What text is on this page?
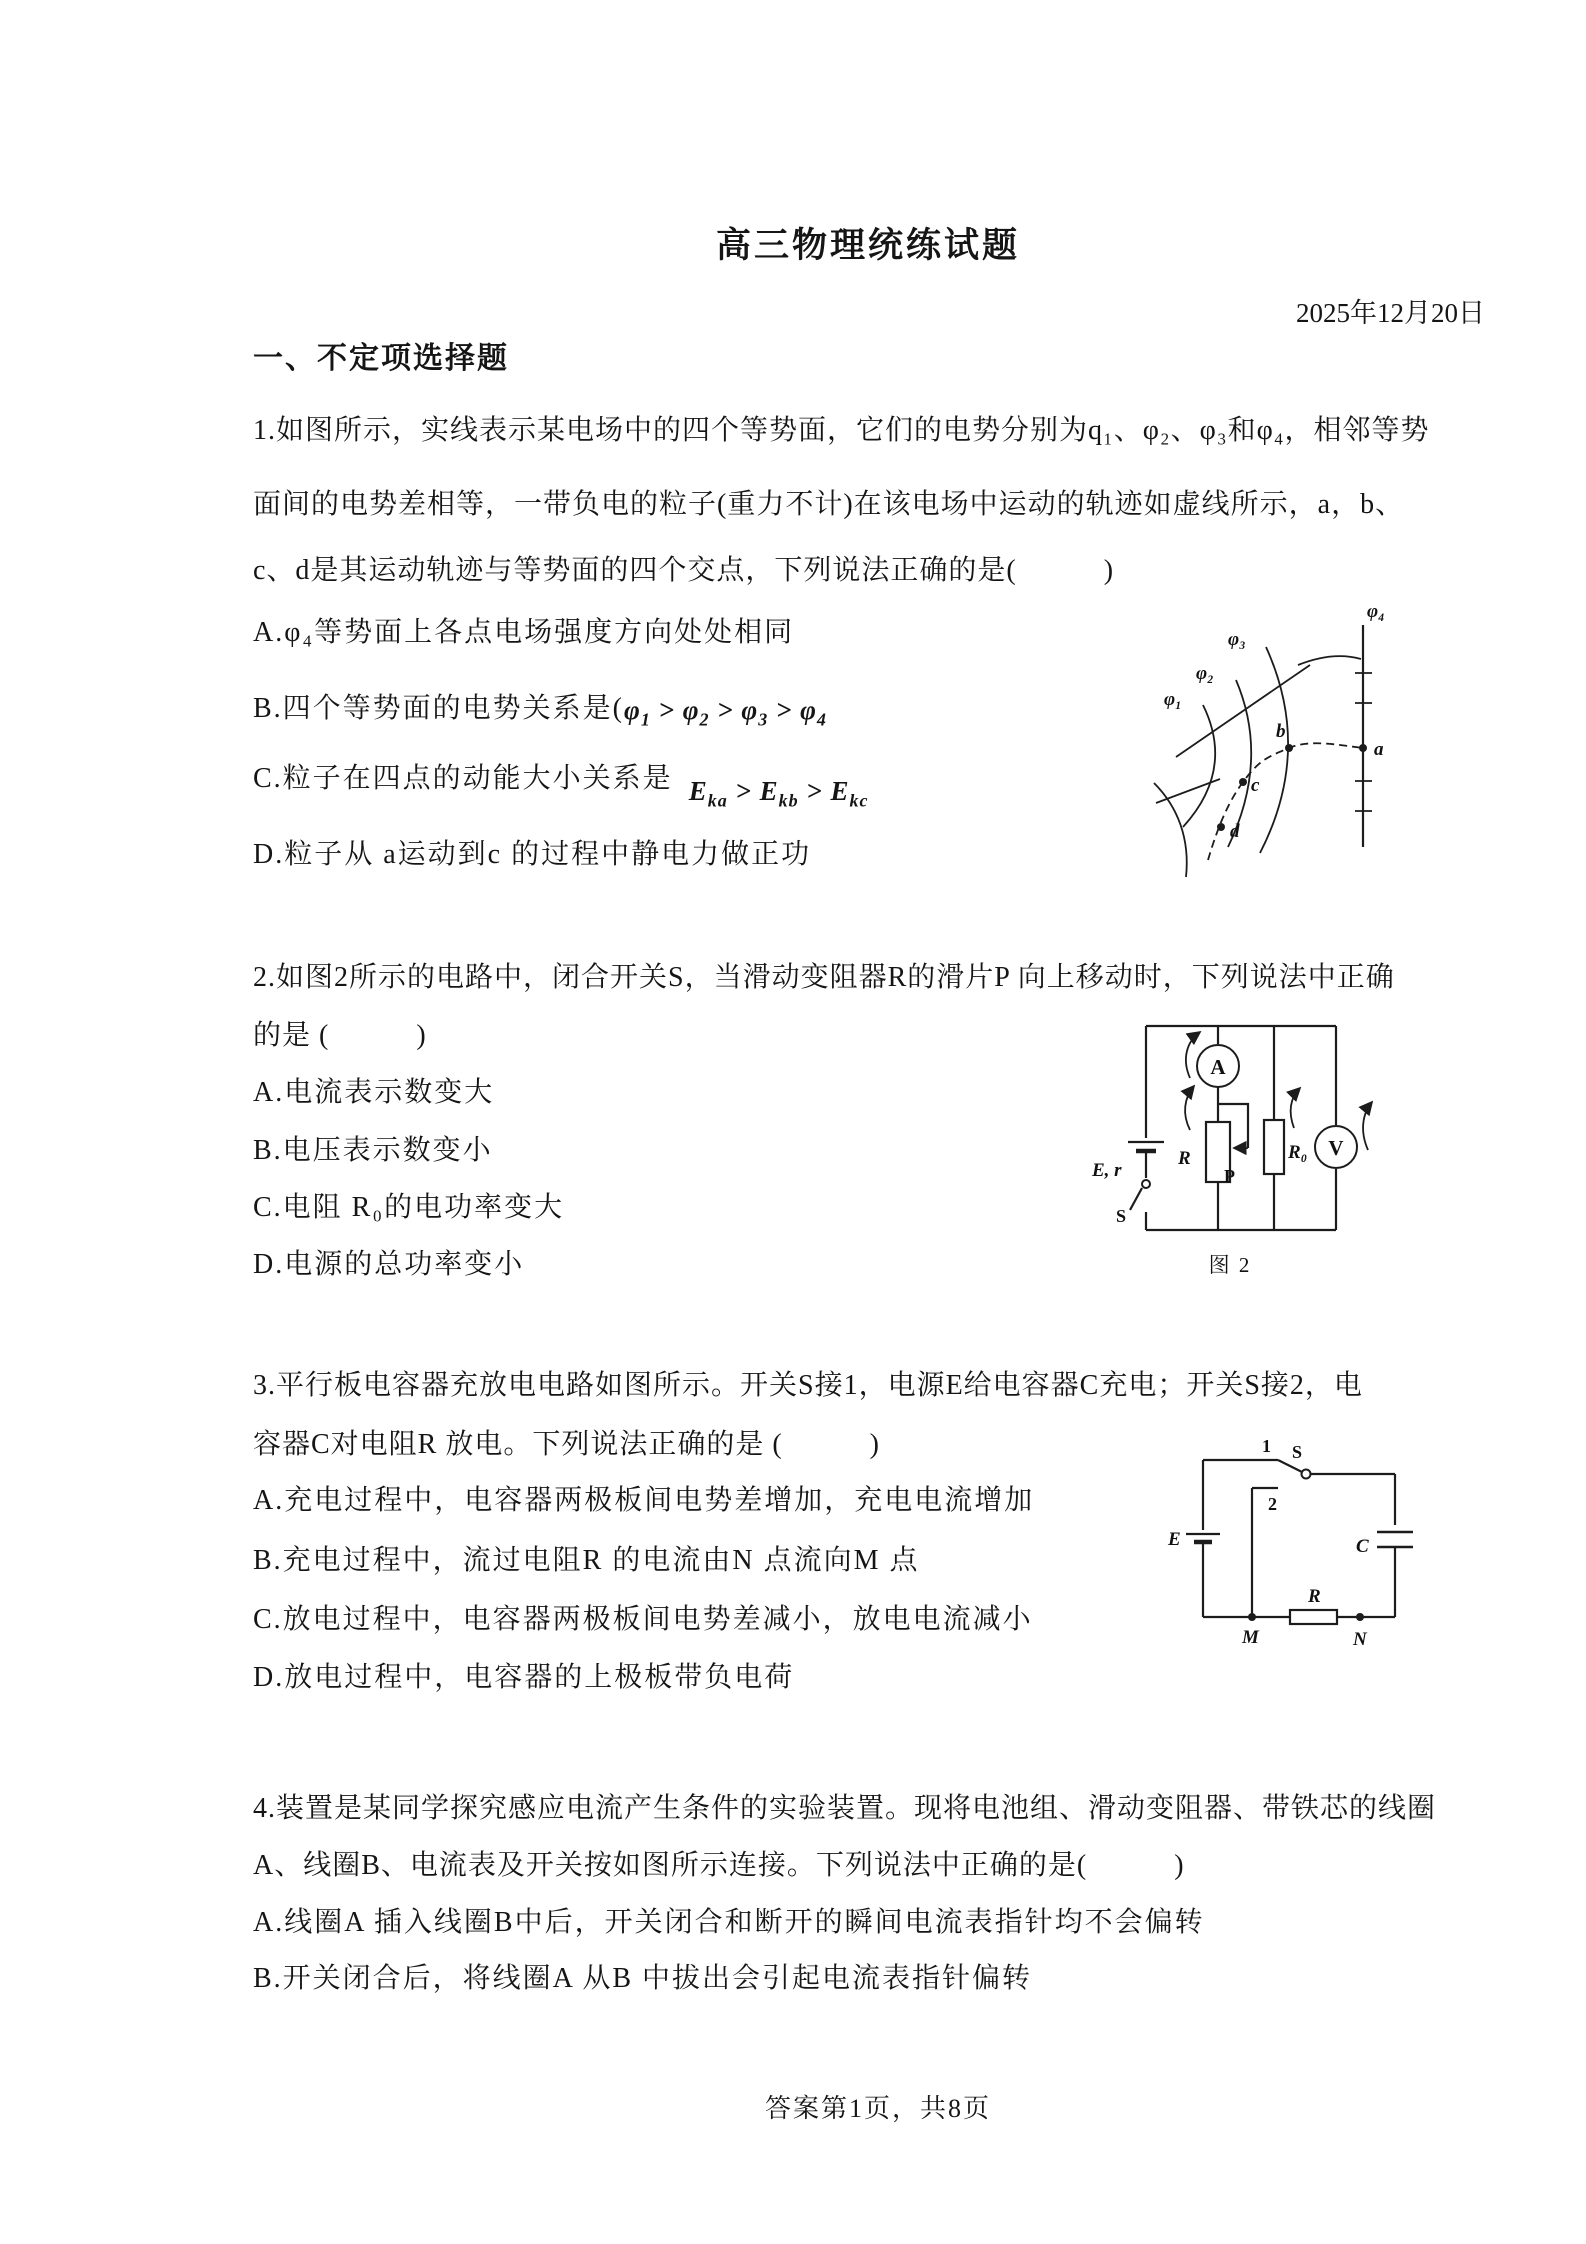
高三物理统练试题
2025年12月20日
一、不定项选择题
1.如图所示，实线表示某电场中的四个等势面，它们的电势分别为q₁、φ₂、φ₃和φ₄，相邻等势
面间的电势差相等，一带负电的粒子(重力不计)在该电场中运动的轨迹如虚线所示，a，b、
c、d是其运动轨迹与等势面的四个交点，下列说法正确的是(　　　)
A.φ₄等势面上各点电场强度方向处处相同
B.四个等势面的电势关系是($\varphi_1 > \varphi_2 > \varphi_3 > \varphi_4$
C.粒子在四点的动能大小关系是 $E_{ka} > E_{kb} > E_{kc}$
D.粒子从 a运动到c 的过程中静电力做正功
φ₁
φ₂
φ₃
φ₄
a
b
c
d
2.如图2所示的电路中，闭合开关S，当滑动变阻器R的滑片P 向上移动时，下列说法中正确
的是 (　　　)
A.电流表示数变大
B.电压表示数变小
C.电阻 R₀的电功率变大
D.电源的总功率变小
A
V
E, r
S
R
P
R₀
图 2
3.平行板电容器充放电电路如图所示。开关S接1，电源E给电容器C充电；开关S接2，电
容器C对电阻R 放电。下列说法正确的是 (　　　)
A.充电过程中，电容器两极板间电势差增加，充电电流增加
B.充电过程中，流过电阻R 的电流由N 点流向M 点
C.放电过程中，电容器两极板间电势差减小，放电电流减小
D.放电过程中，电容器的上极板带负电荷
1 S
2
E	C
R
M	N
4.装置是某同学探究感应电流产生条件的实验装置。现将电池组、滑动变阻器、带铁芯的线圈
A、线圈B、电流表及开关按如图所示连接。下列说法中正确的是(　　　)
A.线圈A 插入线圈B中后，开关闭合和断开的瞬间电流表指针均不会偏转
B.开关闭合后，将线圈A 从B 中拔出会引起电流表指针偏转
答案第1页，共8页
